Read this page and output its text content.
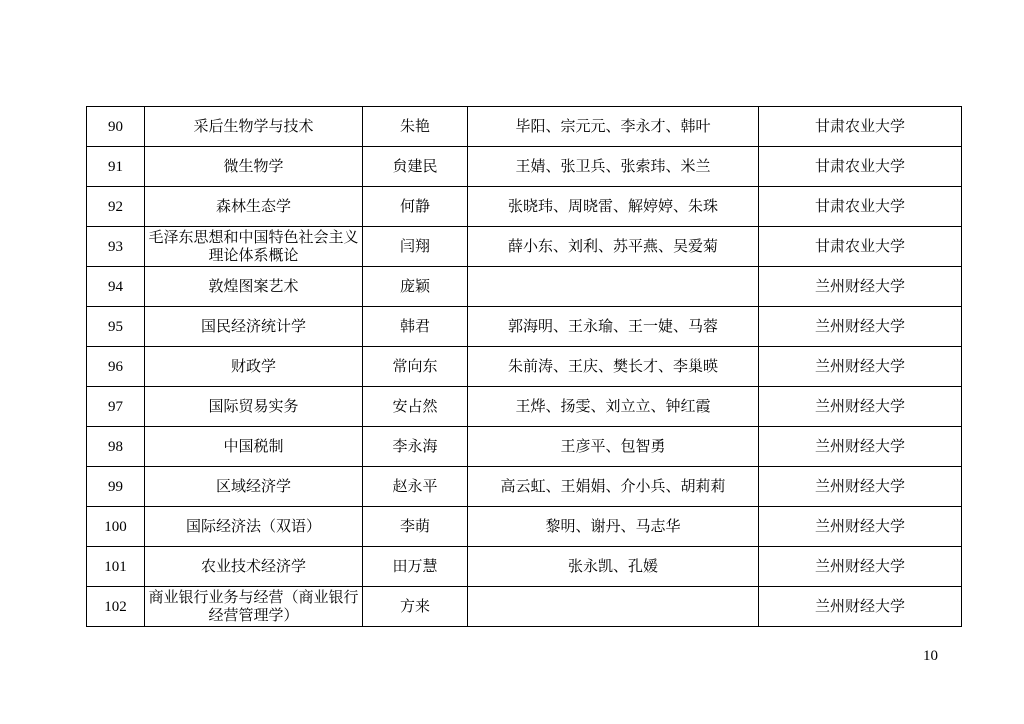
90	采后生物学与技术	朱艳	毕阳、宗元元、李永才、韩叶	甘肃农业大学
91	微生物学	贠建民	王婧、张卫兵、张索玮、米兰	甘肃农业大学
92	森林生态学	何静	张晓玮、周晓雷、解婷婷、朱珠	甘肃农业大学
93	毛泽东思想和中国特色社会主义理论体系概论	闫翔	薛小东、刘利、苏平燕、吴爱菊	甘肃农业大学
94	敦煌图案艺术	庞颖		兰州财经大学
95	国民经济统计学	韩君	郭海明、王永瑜、王一婕、马蓉	兰州财经大学
96	财政学	常向东	朱前涛、王庆、樊长才、李巢暎	兰州财经大学
97	国际贸易实务	安占然	王烨、扬雯、刘立立、钟红霞	兰州财经大学
98	中国税制	李永海	王彦平、包智勇	兰州财经大学
99	区域经济学	赵永平	高云虹、王娟娟、介小兵、胡莉莉	兰州财经大学
100	国际经济法（双语）	李萌	黎明、谢丹、马志华	兰州财经大学
101	农业技术经济学	田万慧	张永凯、孔媛	兰州财经大学
102	商业银行业务与经营（商业银行经营管理学）	方来		兰州财经大学
10
